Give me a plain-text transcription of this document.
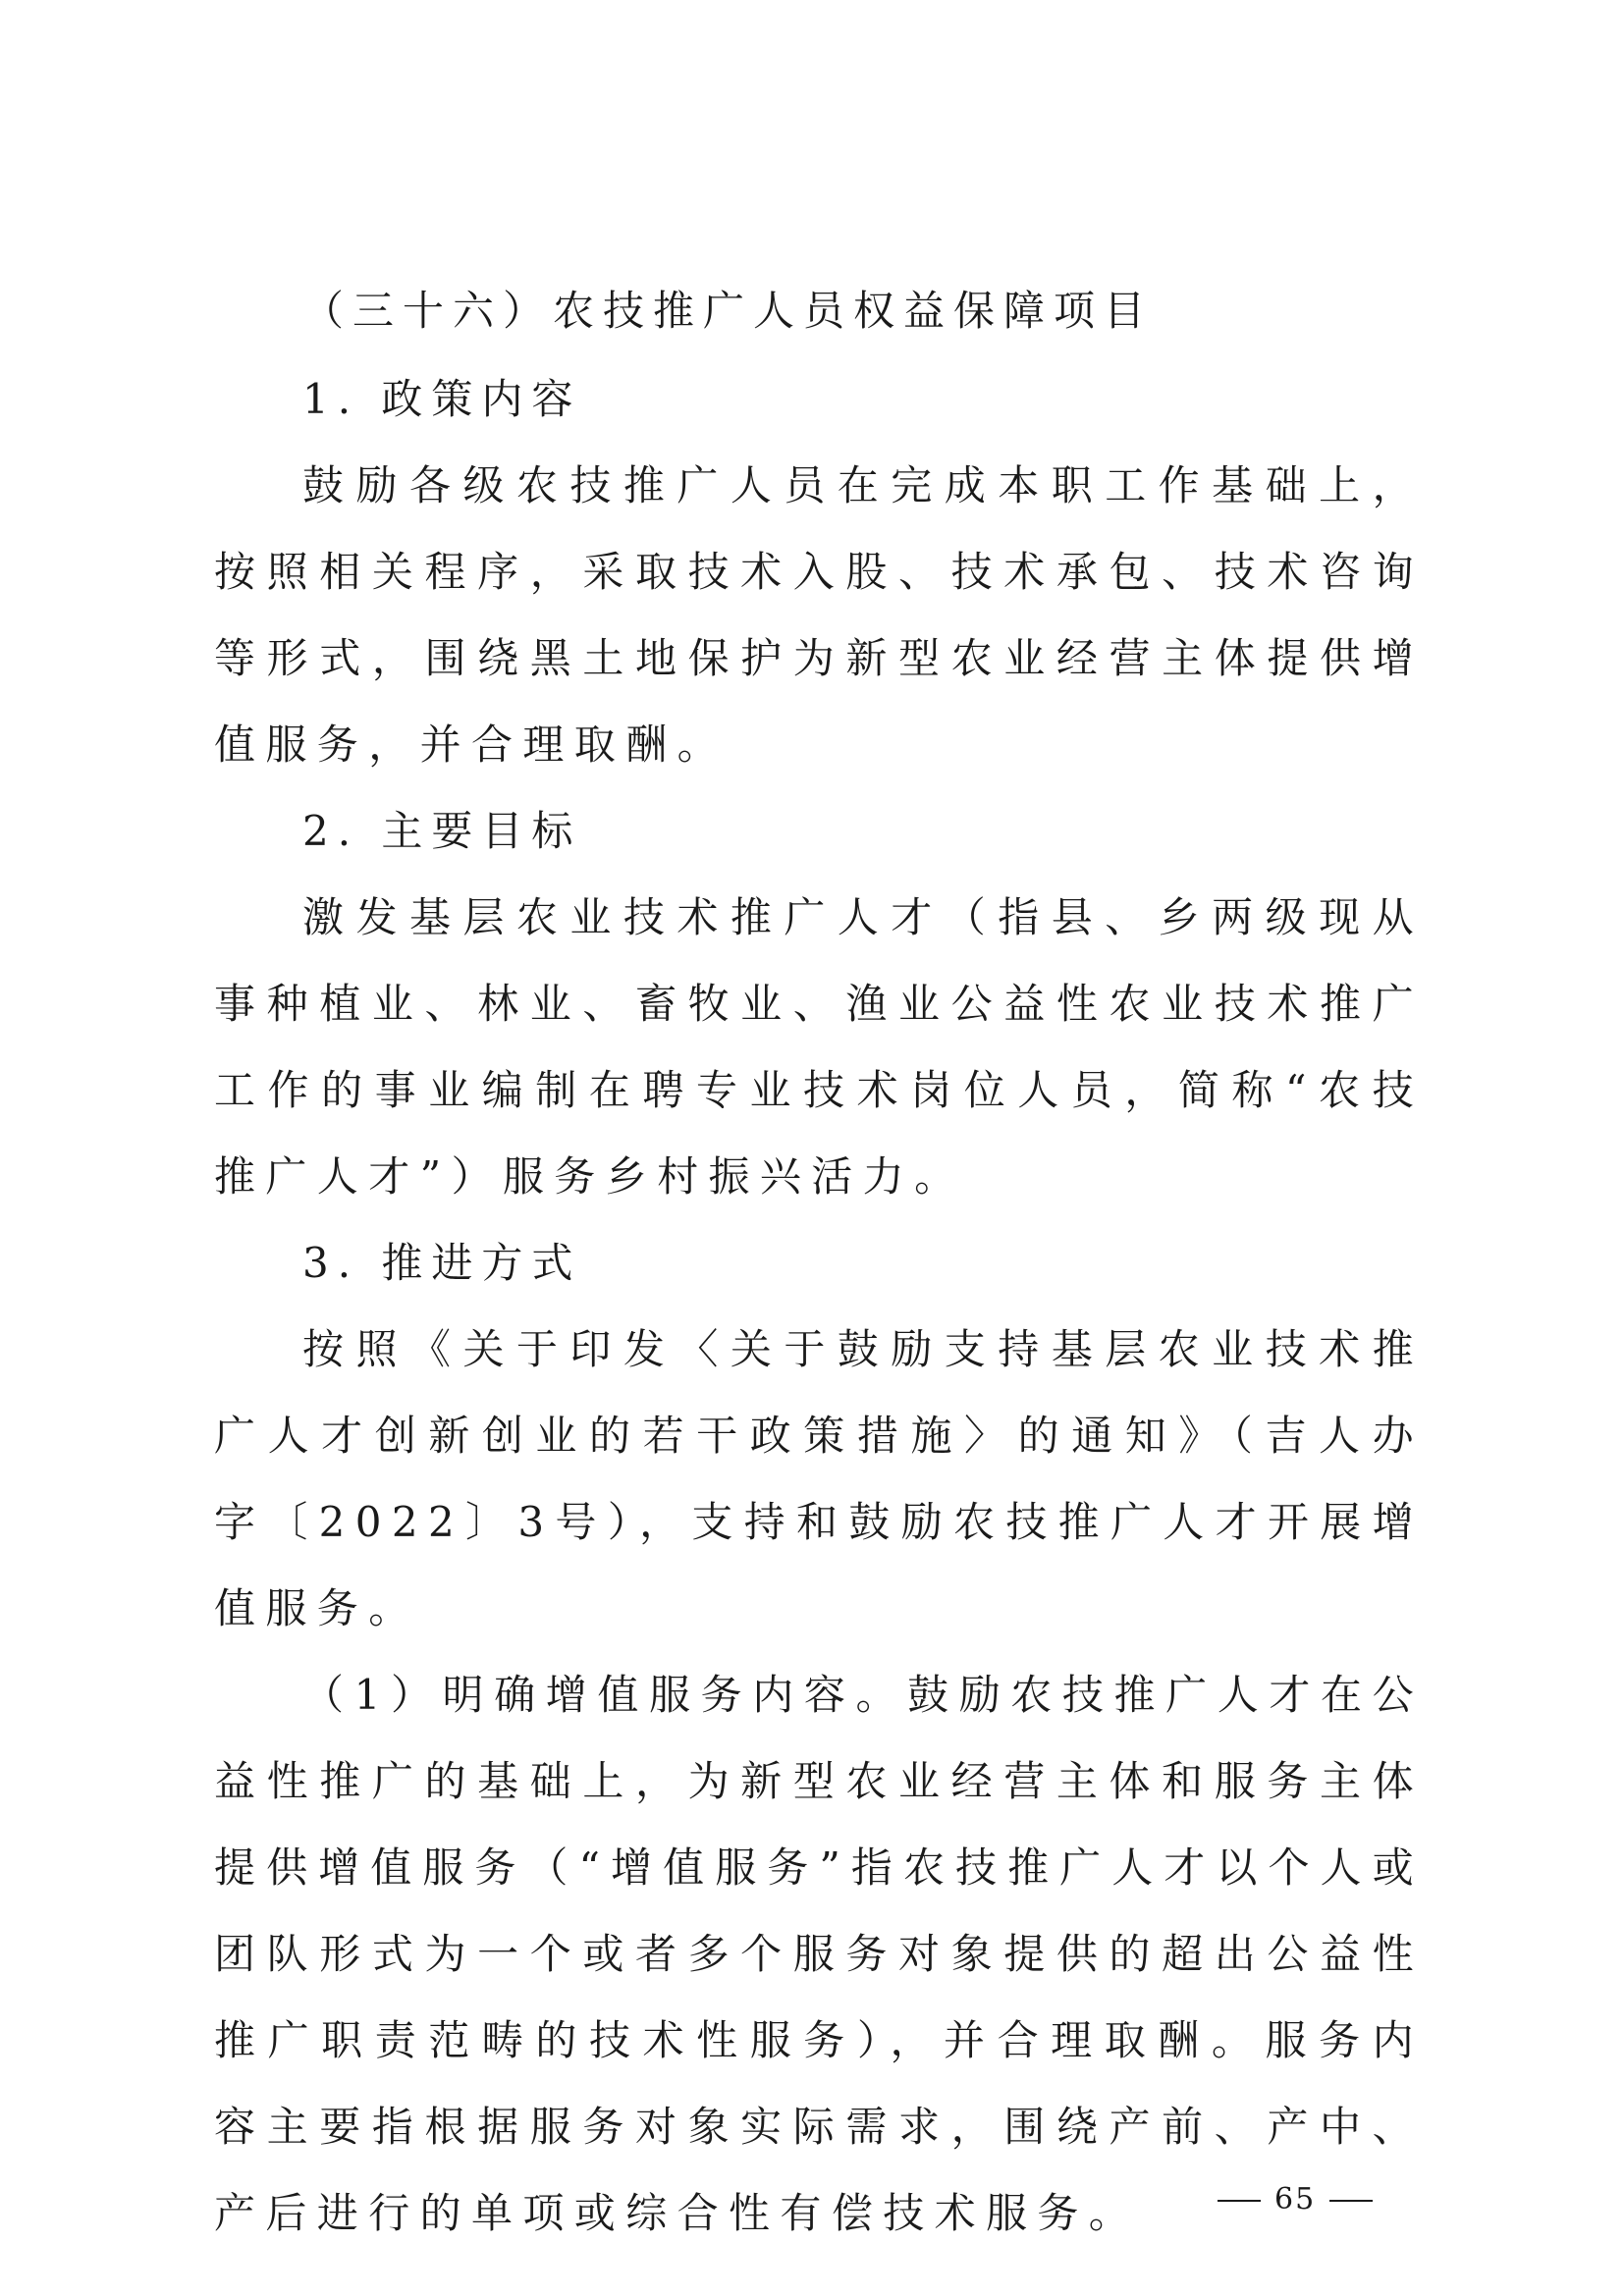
（三十六）农技推广人员权益保障项目
1. 政策内容

鼓励各级农技推广人员在完成本职工作基础上，按照相关程序，采取技术入股、技术承包、技术咨询等形式，围绕黑土地保护为新型农业经营主体提供增值服务，并合理取酬。

2. 主要目标

激发基层农业技术推广人才（指县、乡两级现从事种植业、林业、畜牧业、渔业公益性农业技术推广工作的事业编制在聘专业技术岗位人员，简称“农技推广人才”）服务乡村振兴活力。

3. 推进方式

按照《关于印发〈关于鼓励支持基层农业技术推广人才创新创业的若干政策措施〉的通知》（吉人办字〔2022〕3号），支持和鼓励农技推广人才开展增值服务。

（1）明确增值服务内容。鼓励农技推广人才在公益性推广的基础上，为新型农业经营主体和服务主体提供增值服务（“增值服务”指农技推广人才以个人或团队形式为一个或者多个服务对象提供的超出公益性推广职责范畴的技术性服务），并合理取酬。服务内容主要指根据服务对象实际需求，围绕产前、产中、产后进行的单项或综合性有偿技术服务。	65
